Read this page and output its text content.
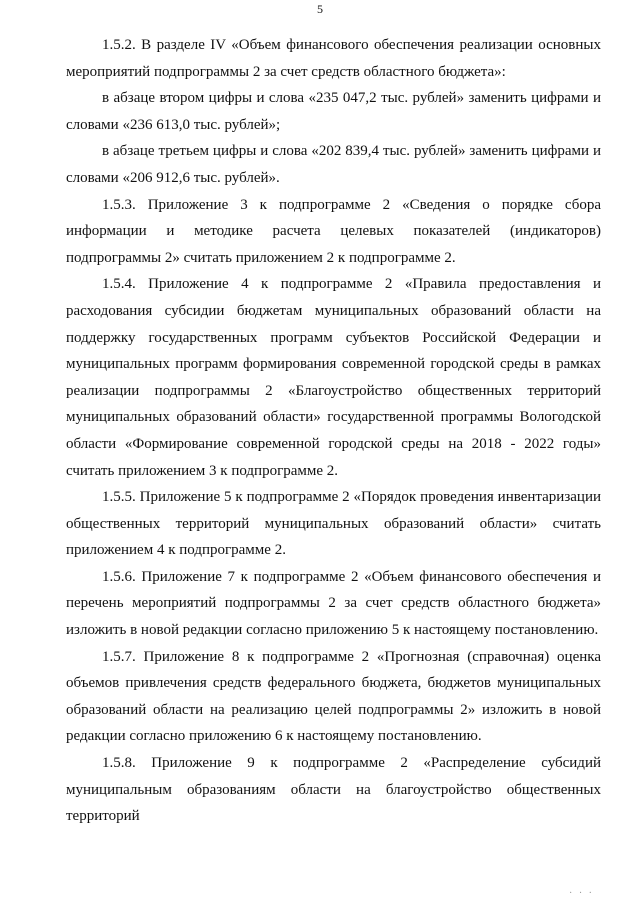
5

1.5.2. В разделе IV «Объем финансового обеспечения реализации основных мероприятий подпрограммы 2 за счет средств областного бюджета»:

в абзаце втором цифры и слова «235 047,2 тыс. рублей» заменить цифрами и словами «236 613,0 тыс. рублей»;

в абзаце третьем цифры и слова «202 839,4 тыс. рублей» заменить цифрами и словами «206 912,6 тыс. рублей».

1.5.3. Приложение 3 к подпрограмме 2 «Сведения о порядке сбора информации и методике расчета целевых показателей (индикаторов) подпрограммы 2» считать приложением 2 к подпрограмме 2.

1.5.4. Приложение 4 к подпрограмме 2 «Правила предоставления и расходования субсидии бюджетам муниципальных образований области на поддержку государственных программ субъектов Российской Федерации и муниципальных программ формирования современной городской среды в рамках реализации подпрограммы 2 «Благоустройство общественных территорий муниципальных образований области» государственной программы Вологодской области «Формирование современной городской среды на 2018 - 2022 годы» считать приложением 3 к подпрограмме 2.

1.5.5. Приложение 5 к подпрограмме 2 «Порядок проведения инвентаризации общественных территорий муниципальных образований области» считать приложением 4 к подпрограмме 2.

1.5.6. Приложение 7 к подпрограмме 2 «Объем финансового обеспечения и перечень мероприятий подпрограммы 2 за счет средств областного бюджета» изложить в новой редакции согласно приложению 5 к настоящему постановлению.

1.5.7. Приложение 8 к подпрограмме 2 «Прогнозная (справочная) оценка объемов привлечения средств федерального бюджета, бюджетов муниципальных образований области на реализацию целей подпрограммы 2» изложить в новой редакции согласно приложению 6 к настоящему постановлению.

1.5.8. Приложение 9 к подпрограмме 2 «Распределение субсидий муниципальным образованиям области на благоустройство общественных территорий

· · ·
